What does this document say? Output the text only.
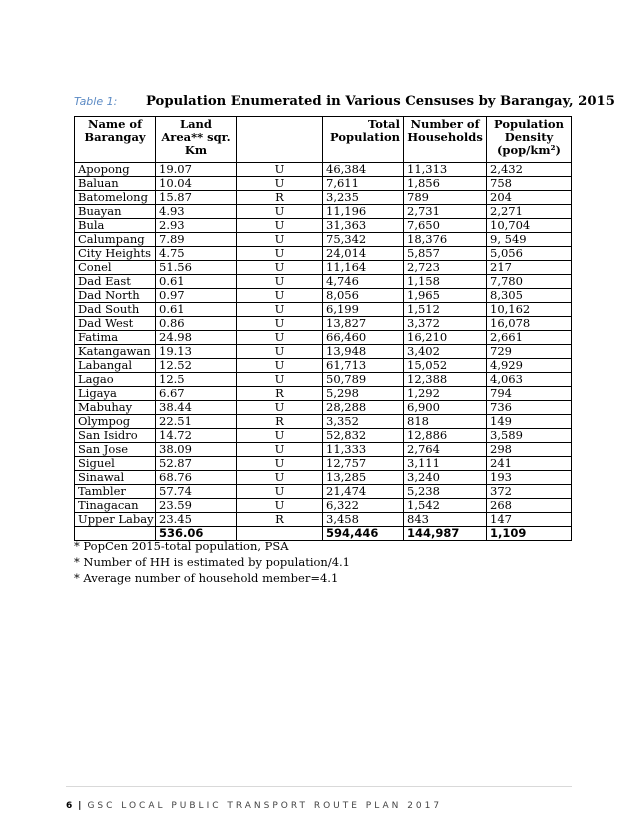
Table 1: Population Enumerated in Various Censuses by Barangay, 2015
Name of Barangay	Land Area** sqr. Km		Total Population	Number of Households	Population Density
(pop/km²)
Apopong	19.07	U	46,384	11,313	2,432
Baluan	10.04	U	7,611	1,856	758
Batomelong	15.87	R	3,235	789	204
Buayan	4.93	U	11,196	2,731	2,271
Bula	2.93	U	31,363	7,650	10,704
Calumpang	7.89	U	75,342	18,376	9, 549
City Heights	4.75	U	24,014	5,857	5,056
Conel	51.56	U	11,164	2,723	217
Dad East	0.61	U	4,746	1,158	7,780
Dad North	0.97	U	8,056	1,965	8,305
Dad South	0.61	U	6,199	1,512	10,162
Dad West	0.86	U	13,827	3,372	16,078
Fatima	24.98	U	66,460	16,210	2,661
Katangawan	19.13	U	13,948	3,402	729
Labangal	12.52	U	61,713	15,052	4,929
Lagao	12.5	U	50,789	12,388	4,063
Ligaya	6.67	R	5,298	1,292	794
Mabuhay	38.44	U	28,288	6,900	736
Olympog	22.51	R	3,352	818	149
San Isidro	14.72	U	52,832	12,886	3,589
San Jose	38.09	U	11,333	2,764	298
Siguel	52.87	U	12,757	3,111	241
Sinawal	68.76	U	13,285	3,240	193
Tambler	57.74	U	21,474	5,238	372
Tinagacan	23.59	U	6,322	1,542	268
Upper Labay	23.45	R	3,458	843	147
	536.06		594,446	144,987	1,109
* PopCen 2015-total population, PSA
* Number of HH is estimated by population/4.1
* Average number of household member=4.1
6 | GSC LOCAL PUBLIC TRANSPORT ROUTE PLAN 2017
